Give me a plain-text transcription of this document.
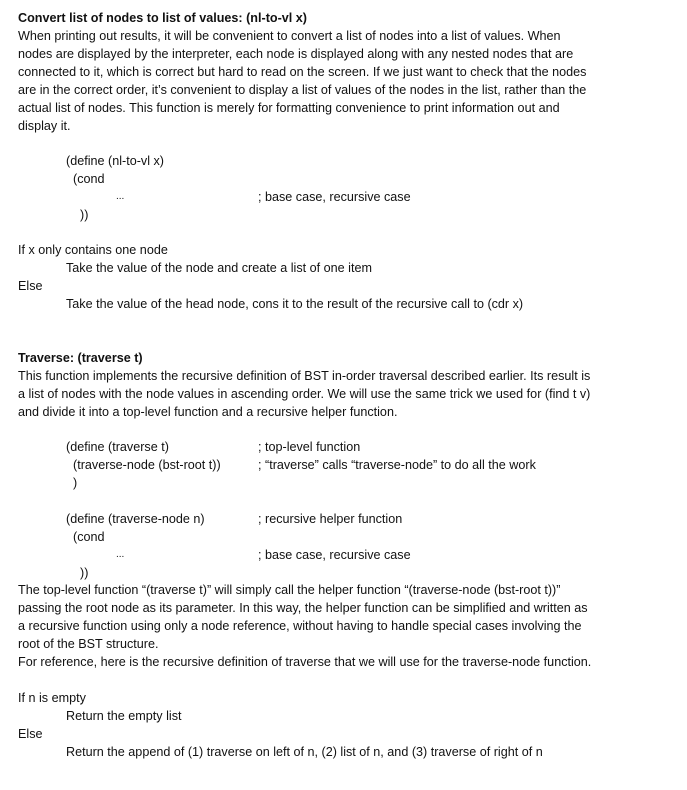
Convert list of nodes to list of values: (nl-to-vl x)
When printing out results, it will be convenient to convert a list of nodes into a list of values. When
nodes are displayed by the interpreter, each node is displayed along with any nested nodes that are
connected to it, which is correct but hard to read on the screen. If we just want to check that the nodes
are in the correct order, it’s convenient to display a list of values of the nodes in the list, rather than the
actual list of nodes. This function is merely for formatting convenience to print information out and
display it.
(define (nl-to-vl x)
(cond
...	; base case, recursive case
))
If x only contains one node
Take the value of the node and create a list of one item
Else
Take the value of the head node, cons it to the result of the recursive call to (cdr x)
Traverse: (traverse t)
This function implements the recursive definition of BST in-order traversal described earlier. Its result is
a list of nodes with the node values in ascending order. We will use the same trick we used for (find t v)
and divide it into a top-level function and a recursive helper function.
(define (traverse t)	; top-level function
(traverse-node (bst-root t))	; “traverse” calls “traverse-node” to do all the work
)
(define (traverse-node n)	; recursive helper function
(cond
...	; base case, recursive case
))
The top-level function “(traverse t)” will simply call the helper function “(traverse-node (bst-root t))”
passing the root node as its parameter. In this way, the helper function can be simplified and written as
a recursive function using only a node reference, without having to handle special cases involving the
root of the BST structure.
For reference, here is the recursive definition of traverse that we will use for the traverse-node function.
If n is empty
Return the empty list
Else
Return the append of (1) traverse on left of n, (2) list of n, and (3) traverse of right of n
